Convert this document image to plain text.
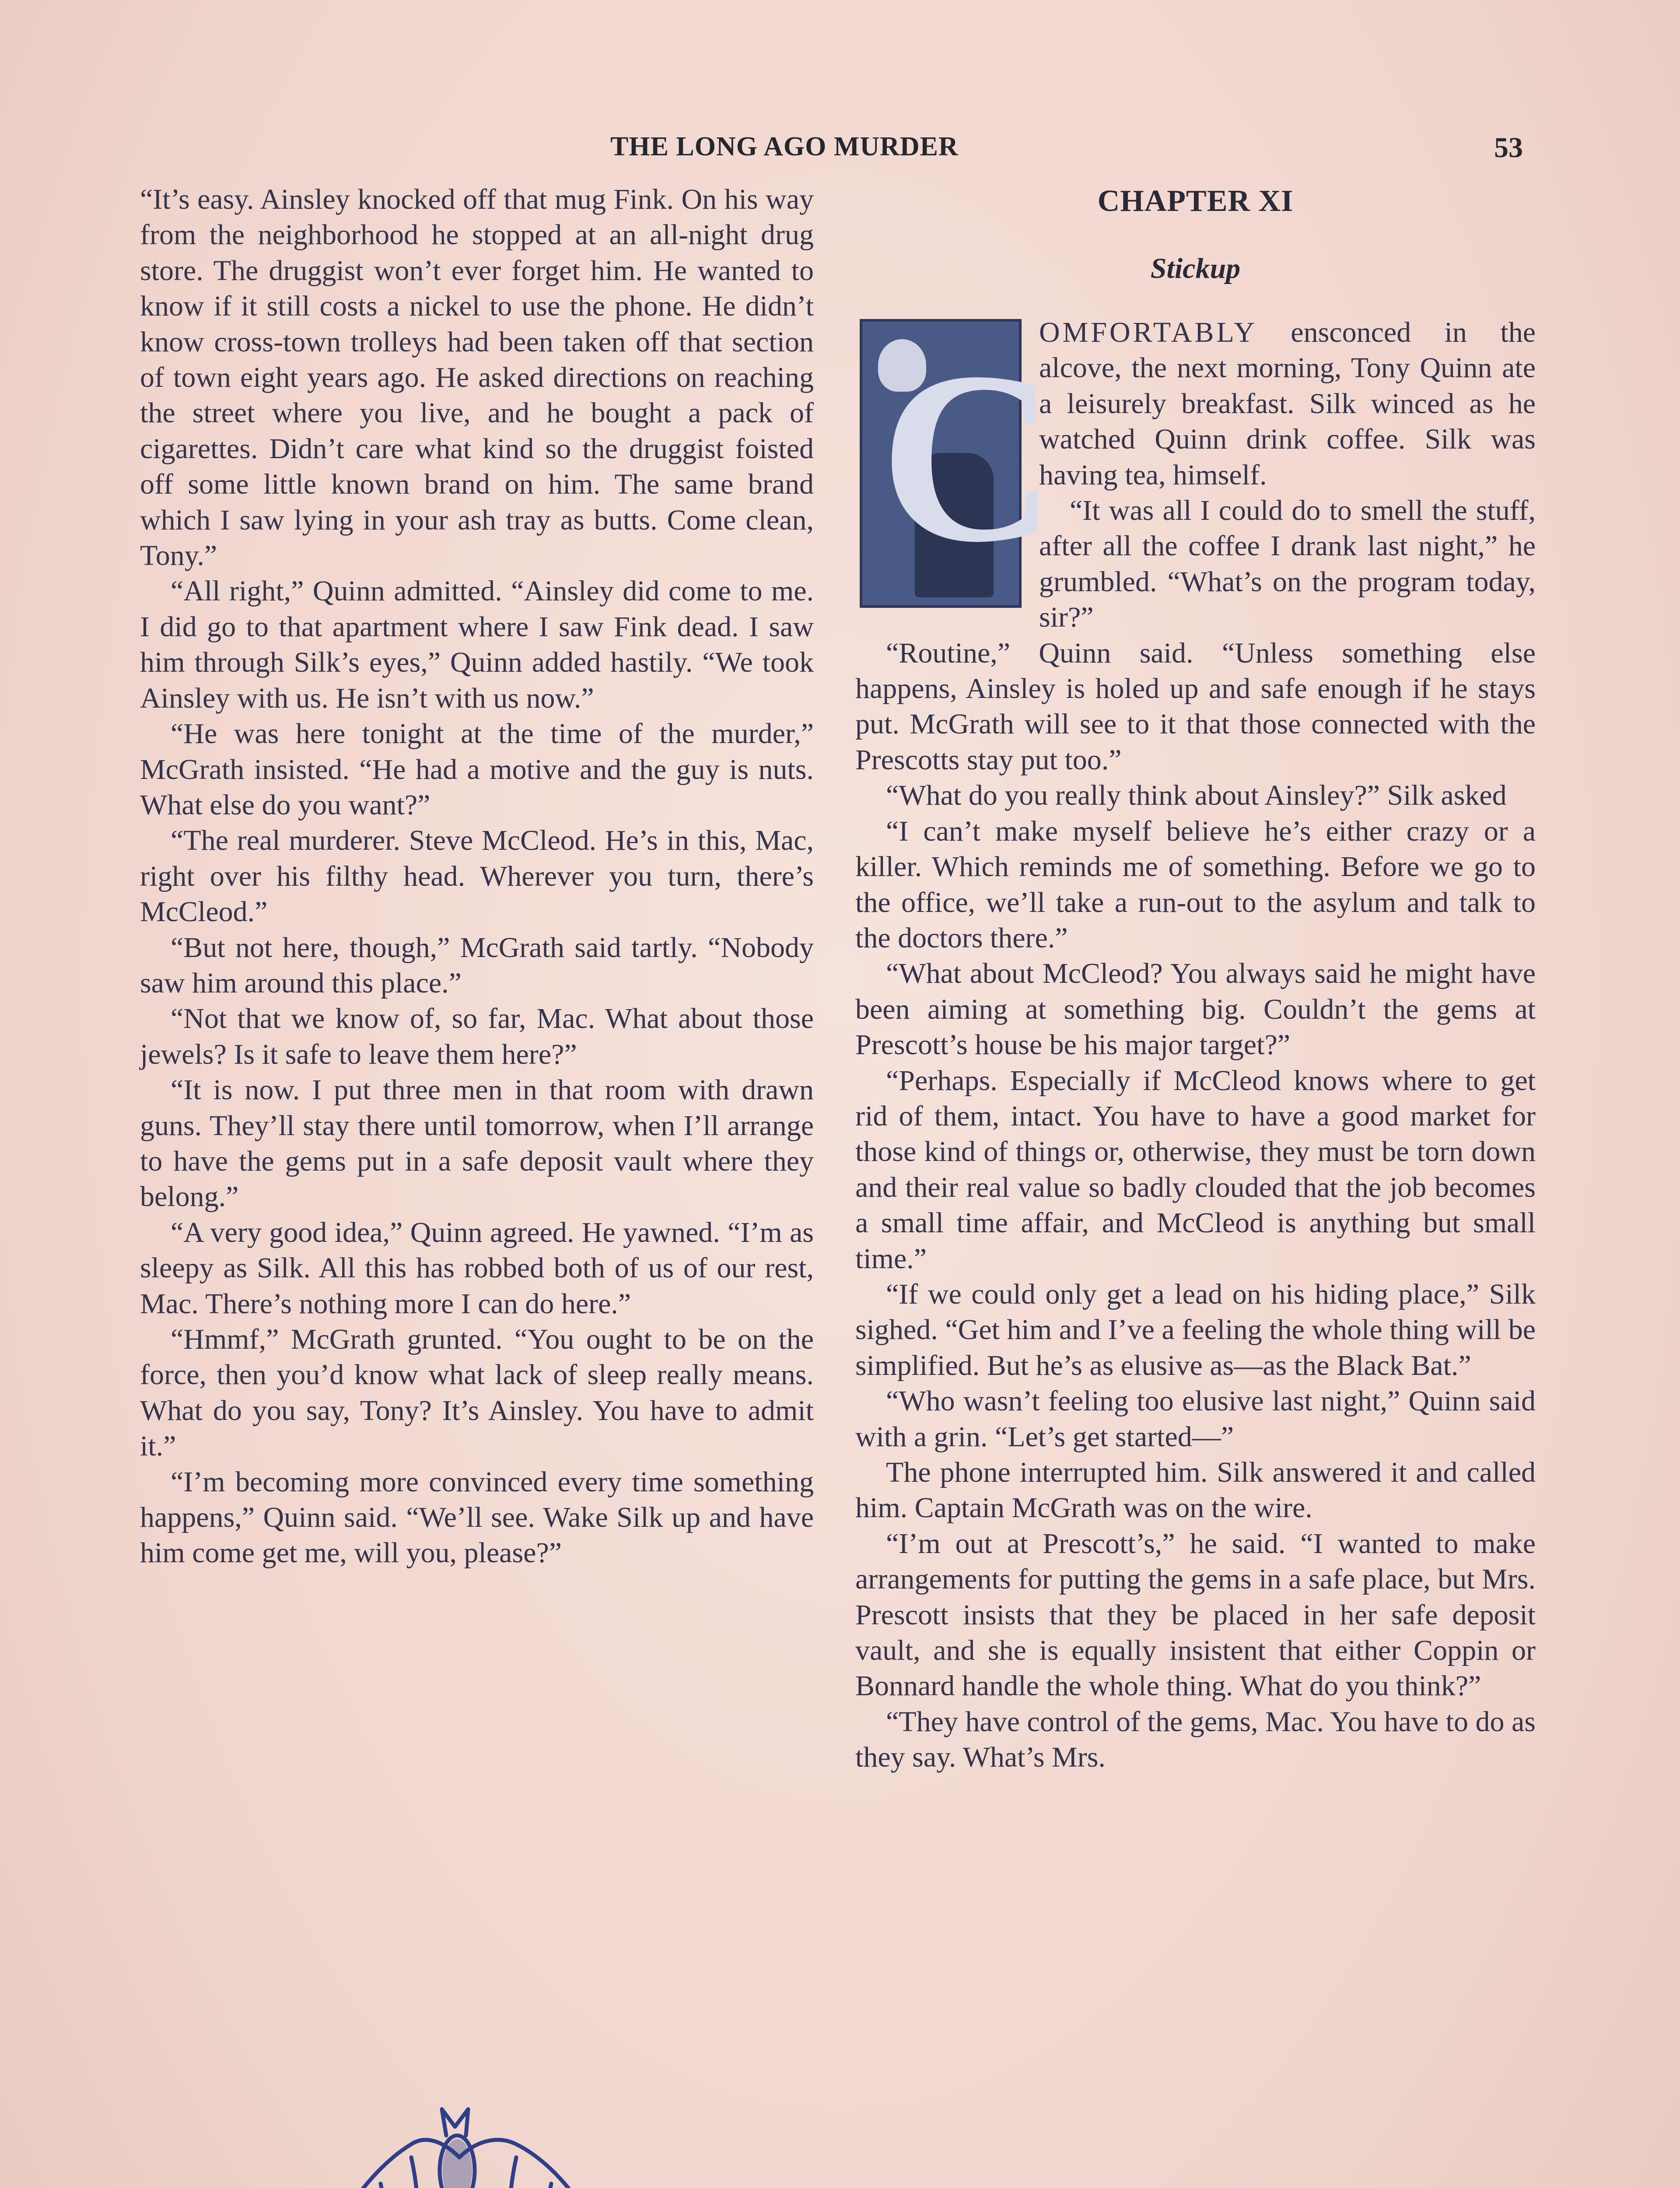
THE LONG AGO MURDER	53

“It’s easy. Ainsley knocked off that mug Fink. On his way from the neighborhood he stopped at an all-night drug store. The druggist won’t ever forget him. He wanted to know if it still costs a nickel to use the phone. He didn’t know cross-town trolleys had been taken off that section of town eight years ago. He asked directions on reaching the street where you live, and he bought a pack of cigarettes. Didn’t care what kind so the druggist foisted off some little known brand on him. The same brand which I saw lying in your ash tray as butts. Come clean, Tony.”

“All right,” Quinn admitted. “Ainsley did come to me. I did go to that apartment where I saw Fink dead. I saw him through Silk’s eyes,” Quinn added hastily. “We took Ainsley with us. He isn’t with us now.”

“He was here tonight at the time of the murder,” McGrath insisted. “He had a motive and the guy is nuts. What else do you want?”

“The real murderer. Steve McCleod. He’s in this, Mac, right over his filthy head. Wherever you turn, there’s McCleod.”

“But not here, though,” McGrath said tartly. “Nobody saw him around this place.”

“Not that we know of, so far, Mac. What about those jewels? Is it safe to leave them here?”

“It is now. I put three men in that room with drawn guns. They’ll stay there until tomorrow, when I’ll arrange to have the gems put in a safe deposit vault where they belong.”

“A very good idea,” Quinn agreed. He yawned. “I’m as sleepy as Silk. All this has robbed both of us of our rest, Mac. There’s nothing more I can do here.”

“Hmmf,” McGrath grunted. “You ought to be on the force, then you’d know what lack of sleep really means. What do you say, Tony? It’s Ainsley. You have to admit it.”

“I’m becoming more convinced every time something happens,” Quinn said. “We’ll see. Wake Silk up and have him come get me, will you, please?”

CHAPTER XI
Stickup
C

OMFORTABLY ensconced in the alcove, the next morning, Tony Quinn ate a leisurely breakfast. Silk winced as he watched Quinn drink coffee. Silk was having tea, himself.

“It was all I could do to smell the stuff, after all the coffee I drank last night,” he grumbled. “What’s on the program today, sir?”

“Routine,” Quinn said. “Unless something else happens, Ainsley is holed up and safe enough if he stays put. McGrath will see to it that those connected with the Prescotts stay put too.”

“What do you really think about Ainsley?” Silk asked

“I can’t make myself believe he’s either crazy or a killer. Which reminds me of something. Before we go to the office, we’ll take a run-out to the asylum and talk to the doctors there.”

“What about McCleod? You always said he might have been aiming at something big. Couldn’t the gems at Prescott’s house be his major target?”

“Perhaps. Especially if McCleod knows where to get rid of them, intact. You have to have a good market for those kind of things or, otherwise, they must be torn down and their real value so badly clouded that the job becomes a small time affair, and McCleod is anything but small time.”

“If we could only get a lead on his hiding place,” Silk sighed. “Get him and I’ve a feeling the whole thing will be simplified. But he’s as elusive as—as the Black Bat.”

“Who wasn’t feeling too elusive last night,” Quinn said with a grin. “Let’s get started—”

The phone interrupted him. Silk answered it and called him. Captain McGrath was on the wire.

“I’m out at Prescott’s,” he said. “I wanted to make arrangements for putting the gems in a safe place, but Mrs. Prescott insists that they be placed in her safe deposit vault, and she is equally insistent that either Coppin or Bonnard handle the whole thing. What do you think?”

“They have control of the gems, Mac. You have to do as they say. What’s Mrs.
